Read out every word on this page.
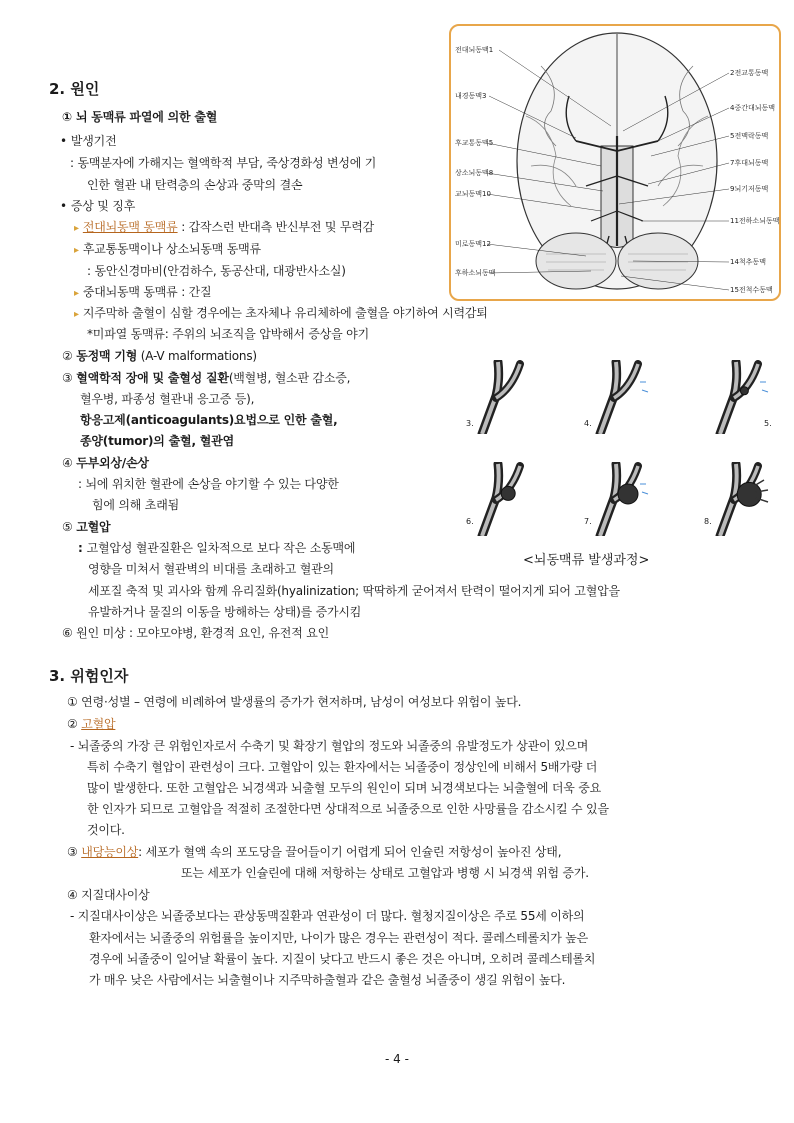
전대뇌동맥1
내경동맥3
후교통동맥5
상소뇌동맥8
교뇌동맥10
미로동맥12
후하소뇌동맥
2전교통동맥
4중간대뇌동맥
5전맥락동맥
7후대뇌동맥
9뇌기저동맥
11전하소뇌동맥
14척추동맥
15전척수동맥
2. 원인
① 뇌 동맥류 파열에 의한 출혈
• 발생기전
: 동맥분자에 가해지는 혈액학적 부담, 죽상경화성 변성에 기
인한 혈관 내 탄력층의 손상과 중막의 결손
• 증상 및 징후
▸ 전대뇌동맥 동맥류 : 갑작스런 반대측 반신부전 및 무력감
▸ 후교통동맥이나 상소뇌동맥 동맥류
: 동안신경마비(안검하수, 동공산대, 대광반사소실)
▸ 중대뇌동맥 동맥류 : 간질
▸ 지주막하 출혈이 심할 경우에는 초자체나 유리체하에 출혈을 야기하여 시력감퇴
*미파열 동맥류: 주위의 뇌조직을 압박해서 증상을 야기
② 동정맥 기형 (A-V malformations)
③ 혈액학적 장애 및 출혈성 질환(백혈병, 혈소판 감소증,
혈우병, 파종성 혈관내 응고증 등),
항응고제(anticoagulants)요법으로 인한 출혈,
종양(tumor)의 출혈, 혈관염
④ 두부외상/손상
: 뇌에 위치한 혈관에 손상을 야기할 수 있는 다양한
힘에 의해 초래됨
⑤ 고혈압
: 고혈압성 혈관질환은 일차적으로 보다 작은 소동맥에
영향을 미쳐서 혈관벽의 비대를 초래하고 혈관의
세포질 축적 및 괴사와 함께 유리질화(hyalinization; 딱딱하게 굳어져서 탄력이 떨어지게 되어 고혈압을
유발하거나 물질의 이동을 방해하는 상태)를 증가시킴
⑥ 원인 미상 : 모야모야병, 환경적 요인, 유전적 요인
3.	4.	5.
6.	7.	8.
<뇌동맥류 발생과정>
3. 위험인자
① 연령·성별 – 연령에 비례하여 발생률의 증가가 현저하며, 남성이 여성보다 위험이 높다.
② 고혈압
- 뇌졸중의 가장 큰 위험인자로서 수축기 및 확장기 혈압의 정도와 뇌졸중의 유발정도가 상관이 있으며
특히 수축기 혈압이 관련성이 크다. 고혈압이 있는 환자에서는 뇌졸중이 정상인에 비해서 5배가량 더
많이 발생한다. 또한 고혈압은 뇌경색과 뇌출혈 모두의 원인이 되며 뇌경색보다는 뇌출혈에 더욱 중요
한 인자가 되므로 고혈압을 적절히 조절한다면 상대적으로 뇌졸중으로 인한 사망률을 감소시킬 수 있을
것이다.
③ 내당능이상: 세포가 혈액 속의 포도당을 끌어들이기 어렵게 되어 인슐린 저항성이 높아진 상태,
또는 세포가 인슐린에 대해 저항하는 상태로 고혈압과 병행 시 뇌경색 위험 증가.
④ 지질대사이상
- 지질대사이상은 뇌졸중보다는 관상동맥질환과 연관성이 더 많다. 혈청지질이상은 주로 55세 이하의
환자에서는 뇌졸중의 위험률을 높이지만, 나이가 많은 경우는 관련성이 적다. 콜레스테롤치가 높은
경우에 뇌졸중이 일어날 확률이 높다. 지질이 낮다고 반드시 좋은 것은 아니며, 오히려 콜레스테롤치
가 매우 낮은 사람에서는 뇌출혈이나 지주막하출혈과 같은 출혈성 뇌졸중이 생길 위험이 높다.
- 4 -
